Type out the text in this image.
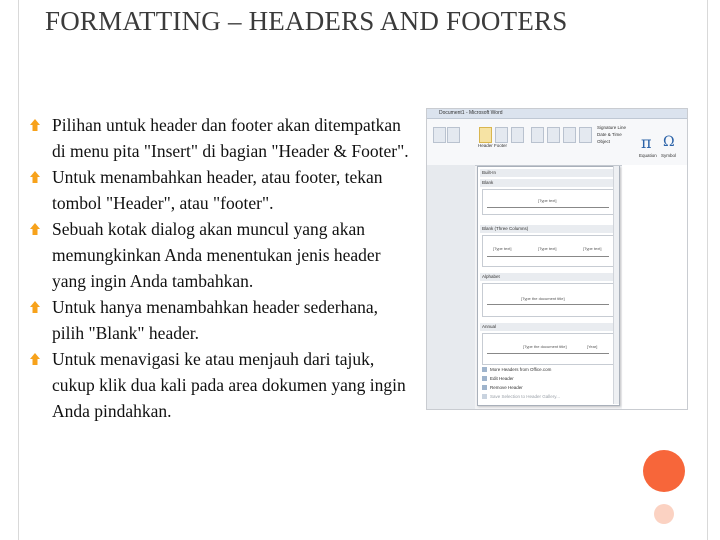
FORMATTING – HEADERS AND FOOTERS
Pilihan untuk header dan footer akan ditempatkan di menu pita "Insert" di bagian "Header & Footer".
Untuk menambahkan header, atau footer, tekan tombol "Header", atau "footer".
Sebuah kotak dialog akan muncul yang akan memungkinkan Anda menentukan jenis header yang ingin Anda tambahkan.
Untuk hanya menambahkan header sederhana, pilih "Blank" header.
Untuk menavigasi ke atau menjauh dari tajuk, cukup klik dua kali pada area dokumen yang ingin Anda pindahkan.
Document1 - Microsoft Word
Header Footer
Signature Line
Date & Time
Object π Ω
Equation Symbol
Built-In
Blank
[Type text]
Blank (Three Columns)
[Type text]	[Type text]	[Type text]
Alphabet
[Type the document title]
Annual
[Type the document title]	[Year]
More Headers from Office.com
Edit Header
Remove Header
Save Selection to Header Gallery...
